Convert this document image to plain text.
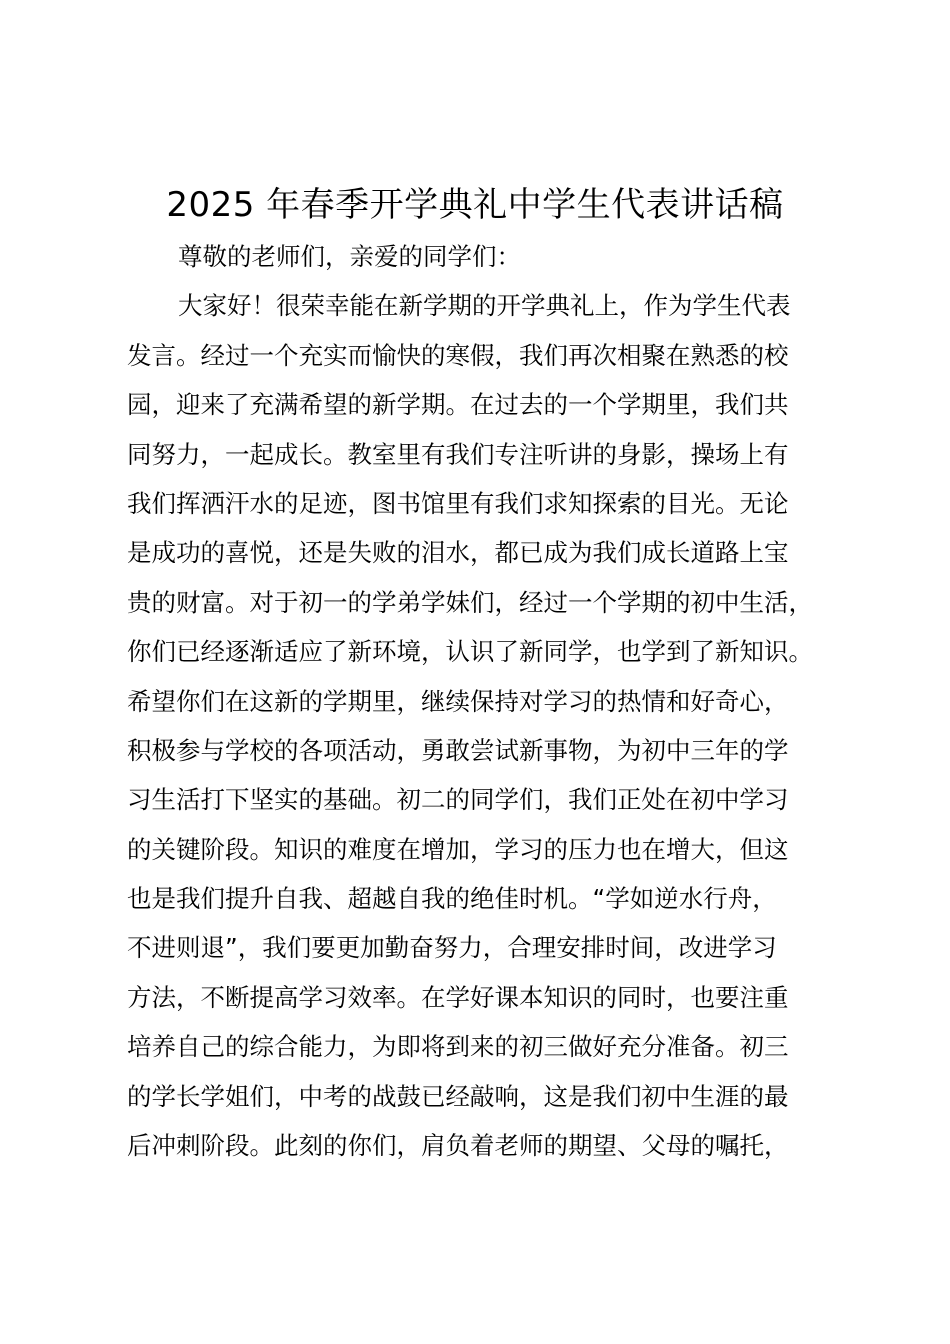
2025 年春季开学典礼中学生代表讲话稿
尊敬的老师们，亲爱的同学们：
大家好！很荣幸能在新学期的开学典礼上，作为学生代表
发言。经过一个充实而愉快的寒假，我们再次相聚在熟悉的校
园，迎来了充满希望的新学期。在过去的一个学期里，我们共
同努力，一起成长。教室里有我们专注听讲的身影，操场上有
我们挥洒汗水的足迹，图书馆里有我们求知探索的目光。无论
是成功的喜悦，还是失败的泪水，都已成为我们成长道路上宝
贵的财富。对于初一的学弟学妹们，经过一个学期的初中生活，
你们已经逐渐适应了新环境，认识了新同学，也学到了新知识。
希望你们在这新的学期里，继续保持对学习的热情和好奇心，
积极参与学校的各项活动，勇敢尝试新事物，为初中三年的学
习生活打下坚实的基础。初二的同学们，我们正处在初中学习
的关键阶段。知识的难度在增加，学习的压力也在增大，但这
也是我们提升自我、超越自我的绝佳时机。“学如逆水行舟，
不进则退”，我们要更加勤奋努力，合理安排时间，改进学习
方法，不断提高学习效率。在学好课本知识的同时，也要注重
培养自己的综合能力，为即将到来的初三做好充分准备。初三
的学长学姐们，中考的战鼓已经敲响，这是我们初中生涯的最
后冲刺阶段。此刻的你们，肩负着老师的期望、父母的嘱托，
